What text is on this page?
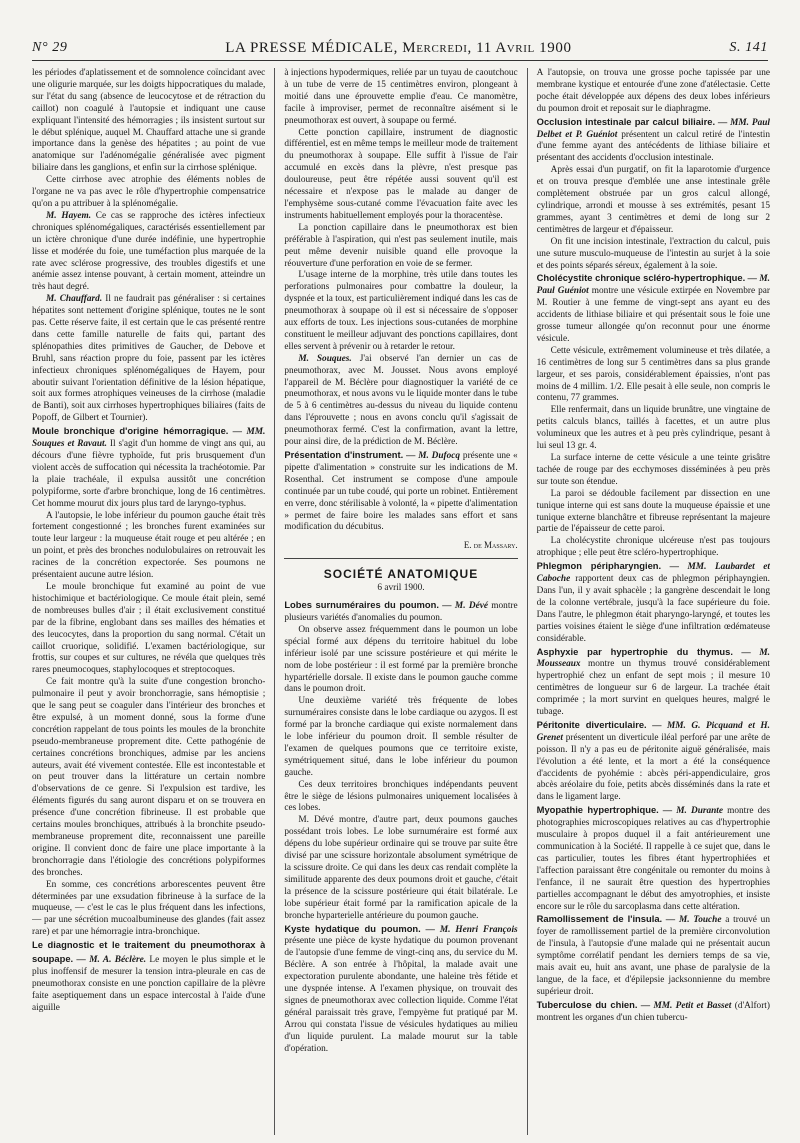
N° 29	LA PRESSE MÉDICALE, Mercredi, 11 Avril 1900	S. 141

les périodes d'aplatissement et de somnolence coïncidant avec une oligurie marquée, sur les doigts hippocratiques du malade, sur l'état du sang (absence de leucocytose et de rétraction du caillot) non coagulé à l'autopsie et indiquant une cause expliquant l'intensité des hémorragies ; ils insistent surtout sur le début splénique, auquel M. Chauffard attache une si grande importance dans la genèse des hépatites ; au point de vue anatomique sur l'adénomégalie généralisée avec pigment biliaire dans les ganglions, et enfin sur la cirrhose splénique.

Cette cirrhose avec atrophie des éléments nobles de l'organe ne va pas avec le rôle d'hypertrophie compensatrice qu'on a pu attribuer à la splénomégalie.

M. Hayem. Ce cas se rapproche des ictères infectieux chroniques splénomégaliques, caractérisés essentiellement par un ictère chronique d'une durée indéfinie, une hypertrophie lisse et modérée du foie, une tuméfaction plus marquée de la rate avec sclérose progressive, des troubles digestifs et une anémie assez intense pouvant, à certain moment, atteindre un très haut degré.

M. Chauffard. Il ne faudrait pas généraliser : si certaines hépatites sont nettement d'origine splénique, toutes ne le sont pas. Cette réserve faite, il est certain que le cas présenté rentre dans cette famille naturelle de faits qui, partant des splénopathies dites primitives de Gaucher, de Debove et Bruhl, sans réaction propre du foie, passent par les ictères infectieux chroniques splénomégaliques de Hayem, pour aboutir suivant l'orientation définitive de la lésion hépatique, soit aux formes atrophiques veineuses de la cirrhose (maladie de Banti), soit aux cirrhoses hypertrophiques biliaires (faits de Popoff, de Gilbert et Tournier).

Moule bronchique d'origine hémorragique. — MM. Souques et Ravaut. Il s'agit d'un homme de vingt ans qui, au décours d'une fièvre typhoïde, fut pris brusquement d'un violent accès de suffocation qui nécessita la trachéotomie. Par la plaie trachéale, il expulsa aussitôt une concrétion polypiforme, sorte d'arbre bronchique, long de 16 centimètres. Cet homme mourut dix jours plus tard de laryngo-typhus.

A l'autopsie, le lobe inférieur du poumon gauche était très fortement congestionné ; les bronches furent examinées sur toute leur largeur : la muqueuse était rouge et peu altérée ; en un point, et près des bronches nodulobulaires on retrouvait les racines de la concrétion expectorée. Ses poumons ne présentaient aucune autre lésion.

Le moule bronchique fut examiné au point de vue histochimique et bactériologique. Ce moule était plein, semé de nombreuses bulles d'air ; il était exclusivement constitué par de la fibrine, englobant dans ses mailles des hématies et des leucocytes, dans la proportion du sang normal. C'était un caillot cruorique, solidifié. L'examen bactériologique, sur frottis, sur coupes et sur cultures, ne révéla que quelques très rares pneumocoques, staphylocoques et streptocoques.

Ce fait montre qu'à la suite d'une congestion broncho-pulmonaire il peut y avoir bronchorragie, sans hémoptisie ; que le sang peut se coaguler dans l'intérieur des bronches et être expulsé, à un moment donné, sous la forme d'une concrétion rappelant de tous points les moules de la bronchite pseudo-membraneuse proprement dite. Cette pathogénie de certaines concrétions bronchiques, admise par les anciens auteurs, avait été vivement contestée. Elle est incontestable et on peut trouver dans la littérature un certain nombre d'observations de ce genre. Si l'expulsion est tardive, les éléments figurés du sang auront disparu et on se trouvera en présence d'une concrétion fibrineuse. Il est probable que certains moules bronchiques, attribués à la bronchite pseudo-membraneuse proprement dite, reconnaissent une pareille origine. Il convient donc de faire une place importante à la bronchorragie dans l'étiologie des concrétions polypiformes des bronches.

En somme, ces concrétions arborescentes peuvent être déterminées par une exsudation fibrineuse à la surface de la muqueuse, — c'est le cas le plus fréquent dans les infections, — par une sécrétion mucoalbumineuse des glandes (fait assez rare) et par une hémorragie intra-bronchique.

Le diagnostic et le traitement du pneumothorax à soupape. — M. A. Béclère. Le moyen le plus simple et le plus inoffensif de mesurer la tension intra-pleurale en cas de pneumothorax consiste en une ponction capillaire de la plèvre faite aseptiquement dans un espace intercostal à l'aide d'une aiguille

à injections hypodermiques, reliée par un tuyau de caoutchouc à un tube de verre de 15 centimètres environ, plongeant à moitié dans une éprouvette emplie d'eau. Ce manomètre, facile à improviser, permet de reconnaître aisément si le pneumothorax est ouvert, à soupape ou fermé.

Cette ponction capillaire, instrument de diagnostic différentiel, est en même temps le meilleur mode de traitement du pneumothorax à soupape. Elle suffit à l'issue de l'air accumulé en excès dans la plèvre, n'est presque pas douloureuse, peut être répétée aussi souvent qu'il est nécessaire et n'expose pas le malade au danger de l'emphysème sous-cutané comme l'évacuation faite avec les instruments habituellement employés pour la thoracentèse.

La ponction capillaire dans le pneumothorax est bien préférable à l'aspiration, qui n'est pas seulement inutile, mais peut même devenir nuisible quand elle provoque la réouverture d'une perforation en voie de se fermer.

L'usage interne de la morphine, très utile dans toutes les perforations pulmonaires pour combattre la douleur, la dyspnée et la toux, est particulièrement indiqué dans les cas de pneumothorax à soupape où il est si nécessaire de s'opposer aux efforts de toux. Les injections sous-cutanées de morphine constituent le meilleur adjuvant des ponctions capillaires, dont elles servent à prévenir ou à retarder le retour.

M. Souques. J'ai observé l'an dernier un cas de pneumothorax, avec M. Jousset. Nous avons employé l'appareil de M. Béclère pour diagnostiquer la variété de ce pneumothorax, et nous avons vu le liquide monter dans le tube de 5 à 6 centimètres au-dessus du niveau du liquide contenu dans l'éprouvette ; nous en avons conclu qu'il s'agissait de pneumothorax fermé. C'est la confirmation, avant la lettre, pour ainsi dire, de la prédiction de M. Béclère.

Présentation d'instrument. — M. Dufocq présente une « pipette d'alimentation » construite sur les indications de M. Rosenthal. Cet instrument se compose d'une ampoule continuée par un tube coudé, qui porte un robinet. Entièrement en verre, donc stérilisable à volonté, la « pipette d'alimentation » permet de faire boire les malades sans effort et sans modification du décubitus.

E. de Massary.
SOCIÉTÉ ANATOMIQUE
6 avril 1900.

Lobes surnuméraires du poumon. — M. Dévé montre plusieurs variétés d'anomalies du poumon.

On observe assez fréquemment dans le poumon un lobe spécial formé aux dépens du territoire habituel du lobe inférieur isolé par une scissure postérieure et qui mérite le nom de lobe postérieur : il est formé par la première bronche hypartérielle dorsale. Il existe dans le poumon gauche comme dans le poumon droit.

Une deuxième variété très fréquente de lobes surnuméraires consiste dans le lobe cardiaque ou azygos. Il est formé par la bronche cardiaque qui existe normalement dans le lobe inférieur du poumon droit. Il semble résulter de l'examen de quelques poumons que ce territoire existe, symétriquement situé, dans le lobe inférieur du poumon gauche.

Ces deux territoires bronchiques indépendants peuvent être le siège de lésions pulmonaires uniquement localisées à ces lobes.

M. Dévé montre, d'autre part, deux poumons gauches possédant trois lobes. Le lobe surnuméraire est formé aux dépens du lobe supérieur ordinaire qui se trouve par suite être divisé par une scissure horizontale absolument symétrique de la scissure droite. Ce qui dans les deux cas rendait complète la similitude apparente des deux poumons droit et gauche, c'était la présence de la scissure postérieure qui était bilatérale. Le lobe supérieur était formé par la ramification apicale de la bronche hyparterielle antérieure du poumon gauche.

Kyste hydatique du poumon. — M. Henri François présente une pièce de kyste hydatique du poumon provenant de l'autopsie d'une femme de vingt-cinq ans, du service du M. Béclère. A son entrée à l'hôpital, la malade avait une expectoration purulente abondante, une haleine très fétide et une dyspnée intense. A l'examen physique, on trouvait des signes de pneumothorax avec collection liquide. Comme l'état général paraissait très grave, l'empyème fut pratiqué par M. Arrou qui constata l'issue de vésicules hydatiques au milieu d'un liquide purulent. La malade mourut sur la table d'opération.

A l'autopsie, on trouva une grosse poche tapissée par une membrane kystique et entourée d'une zone d'atélectasie. Cette poche était développée aux dépens des deux lobes inférieurs du poumon droit et reposait sur le diaphragme.

Occlusion intestinale par calcul biliaire. — MM. Paul Delbet et P. Guéniot présentent un calcul retiré de l'intestin d'une femme ayant des antécédents de lithiase biliaire et présentant des accidents d'occlusion intestinale.

Après essai d'un purgatif, on fit la laparotomie d'urgence et on trouva presque d'emblée une anse intestinale grêle complètement obstruée par un gros calcul allongé, cylindrique, arrondi et mousse à ses extrémités, pesant 15 grammes, ayant 3 centimètres et demi de long sur 2 centimètres de largeur et d'épaisseur.

On fit une incision intestinale, l'extraction du calcul, puis une suture musculo-muqueuse de l'intestin au surjet à la soie et des points séparés séreux, également à la soie.

Cholécystite chronique scléro-hypertrophique. — M. Paul Guéniot montre une vésicule extirpée en Novembre par M. Routier à une femme de vingt-sept ans ayant eu des accidents de lithiase biliaire et qui présentait sous le foie une grosse tumeur allongée qu'on reconnut pour une énorme vésicule.

Cette vésicule, extrêmement volumineuse et très dilatée, a 16 centimètres de long sur 5 centimètres dans sa plus grande largeur, et ses parois, considérablement épaissies, n'ont pas moins de 4 millim. 1/2. Elle pesait à elle seule, non compris le contenu, 77 grammes.

Elle renfermait, dans un liquide brunâtre, une vingtaine de petits calculs blancs, taillés à facettes, et un autre plus volumineux que les autres et à peu près cylindrique, pesant à lui seul 13 gr. 4.

La surface interne de cette vésicule a une teinte grisâtre tachée de rouge par des ecchymoses disséminées à peu près sur toute son étendue.

La paroi se dédouble facilement par dissection en une tunique interne qui est sans doute la muqueuse épaissie et une tunique externe blanchâtre et fibreuse représentant la majeure partie de l'épaisseur de cette paroi.

La cholécystite chronique ulcéreuse n'est pas toujours atrophique ; elle peut être scléro-hypertrophique.

Phlegmon péripharyngien. — MM. Laubardet et Caboche rapportent deux cas de phlegmon périphayngien. Dans l'un, il y avait sphacèle ; la gangrène descendait le long de la colonne vertébrale, jusqu'à la face supérieure du foie. Dans l'autre, le phlegmon était pharyngo-laryngé, et toutes les parties voisines étaient le siège d'une infiltration œdémateuse considérable.

Asphyxie par hypertrophie du thymus. — M. Mousseaux montre un thymus trouvé considérablement hypertrophié chez un enfant de sept mois ; il mesure 10 centimètres de longueur sur 6 de largeur. La trachée était comprimée ; la mort survint en quelques heures, malgré le tubage.

Péritonite diverticulaire. — MM. G. Picquand et H. Grenet présentent un diverticule iléal perforé par une arête de poisson. Il n'y a pas eu de péritonite aiguë généralisée, mais l'évolution a été lente, et la mort a été la conséquence d'accidents de pyohémie : abcès péri-appendiculaire, gros abcès aréolaire du foie, petits abcès disséminés dans la rate et dans le ligament large.

Myopathie hypertrophique. — M. Durante montre des photographies microscopiques relatives au cas d'hypertrophie musculaire à propos duquel il a fait antérieurement une communication à la Société. Il rappelle à ce sujet que, dans le cas particulier, toutes les fibres étant hypertrophiées et l'affection paraissant être congénitale ou remonter du moins à l'enfance, il ne saurait être question des hypertrophies partielles accompagnant le début des amyotrophies, et insiste encore sur le rôle du sarcoplasma dans cette altération.

Ramollissement de l'insula. — M. Touche a trouvé un foyer de ramollissement partiel de la première circonvolution de l'insula, à l'autopsie d'une malade qui ne présentait aucun symptôme corrélatif pendant les derniers temps de sa vie, mais avait eu, huit ans avant, une phase de paralysie de la langue, de la face, et d'épilepsie jacksonnienne du membre supérieur droit.

Tuberculose du chien. — MM. Petit et Basset (d'Alfort) montrent les organes d'un chien tubercu-
